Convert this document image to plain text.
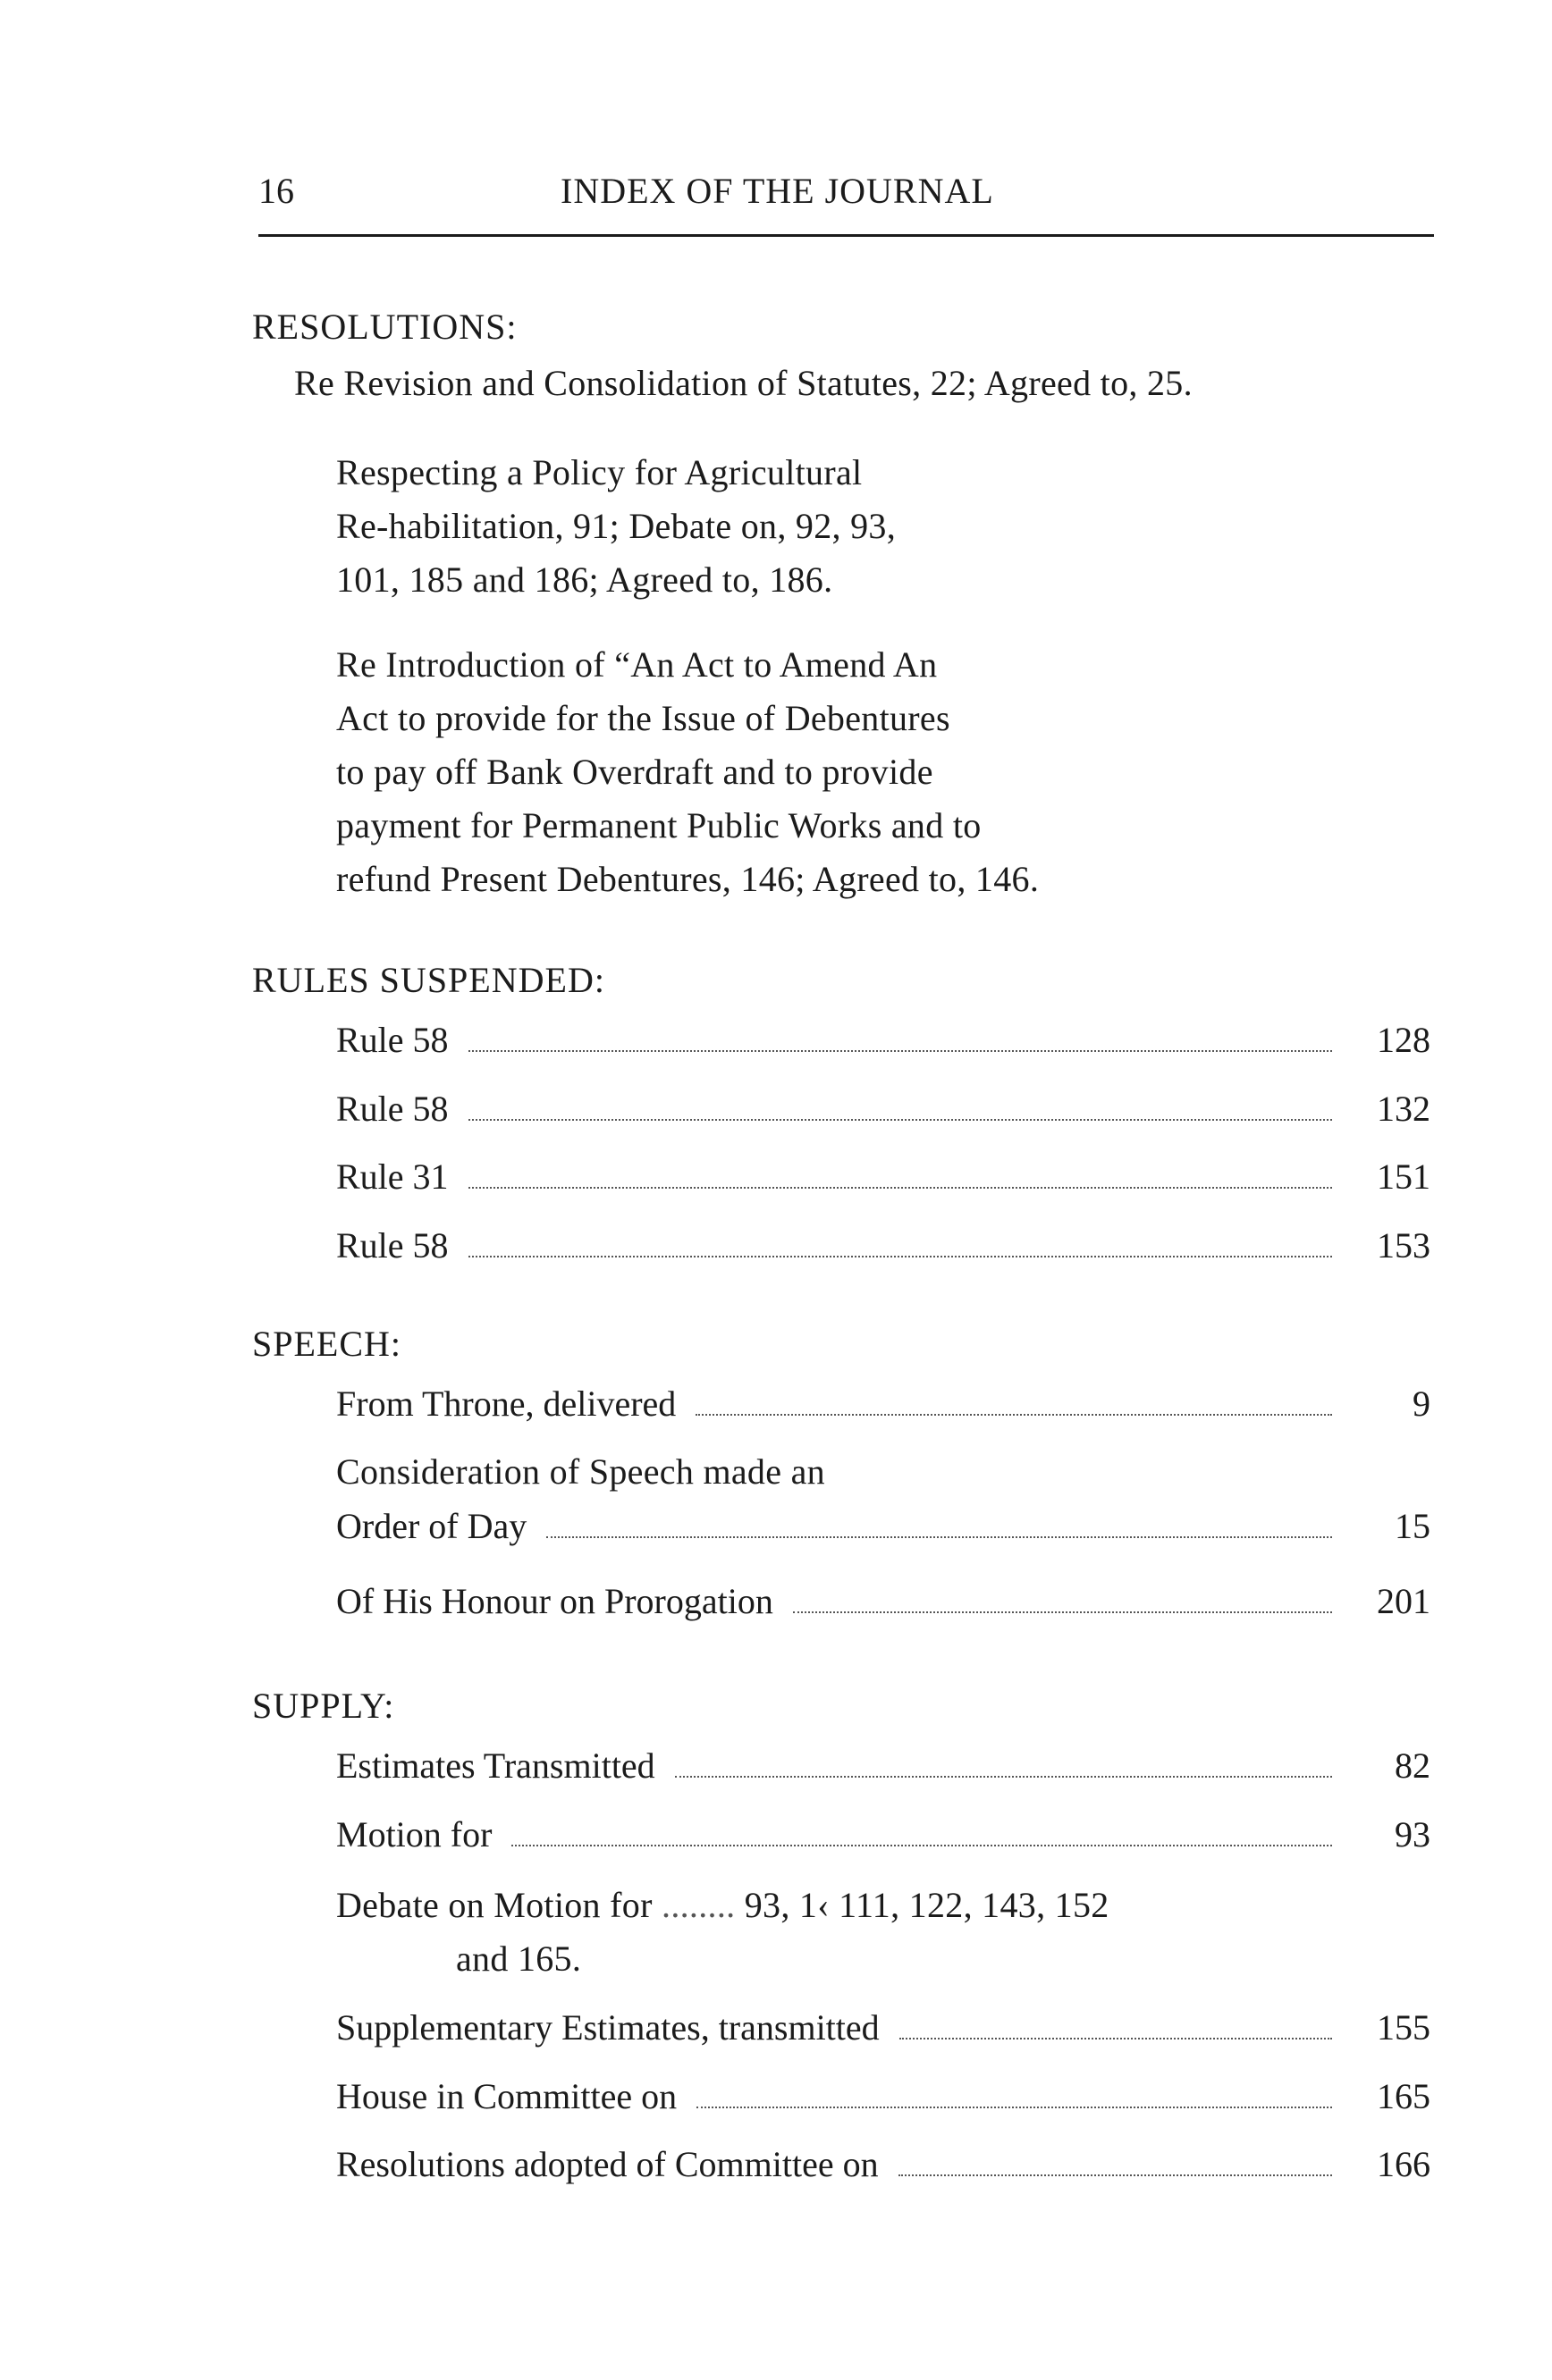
16	INDEX OF THE JOURNAL
RESOLUTIONS:
Re Revision and Consolidation of Statutes, 22; Agreed to, 25.
Respecting a Policy for Agricultural
Re-habilitation, 91; Debate on, 92, 93,
101, 185 and 186; Agreed to, 186.
Re Introduction of “An Act to Amend An
Act to provide for the Issue of Debentures
to pay off Bank Overdraft and to provide
payment for Permanent Public Works and to
refund Present Debentures, 146; Agreed to, 146.
RULES SUSPENDED:
Rule 58	128
Rule 58	132
Rule 31	151
Rule 58	153
SPEECH:
From Throne, delivered	9
Consideration of Speech made an
Order of Day	15
Of His Honour on Prorogation	201
SUPPLY:
Estimates Transmitted	82
Motion for	93
Debate on Motion for ........ 93, 1‹ 111, 122, 143, 152
and 165.
Supplementary Estimates, transmitted	155
House in Committee on	165
Resolutions adopted of Committee on	166
